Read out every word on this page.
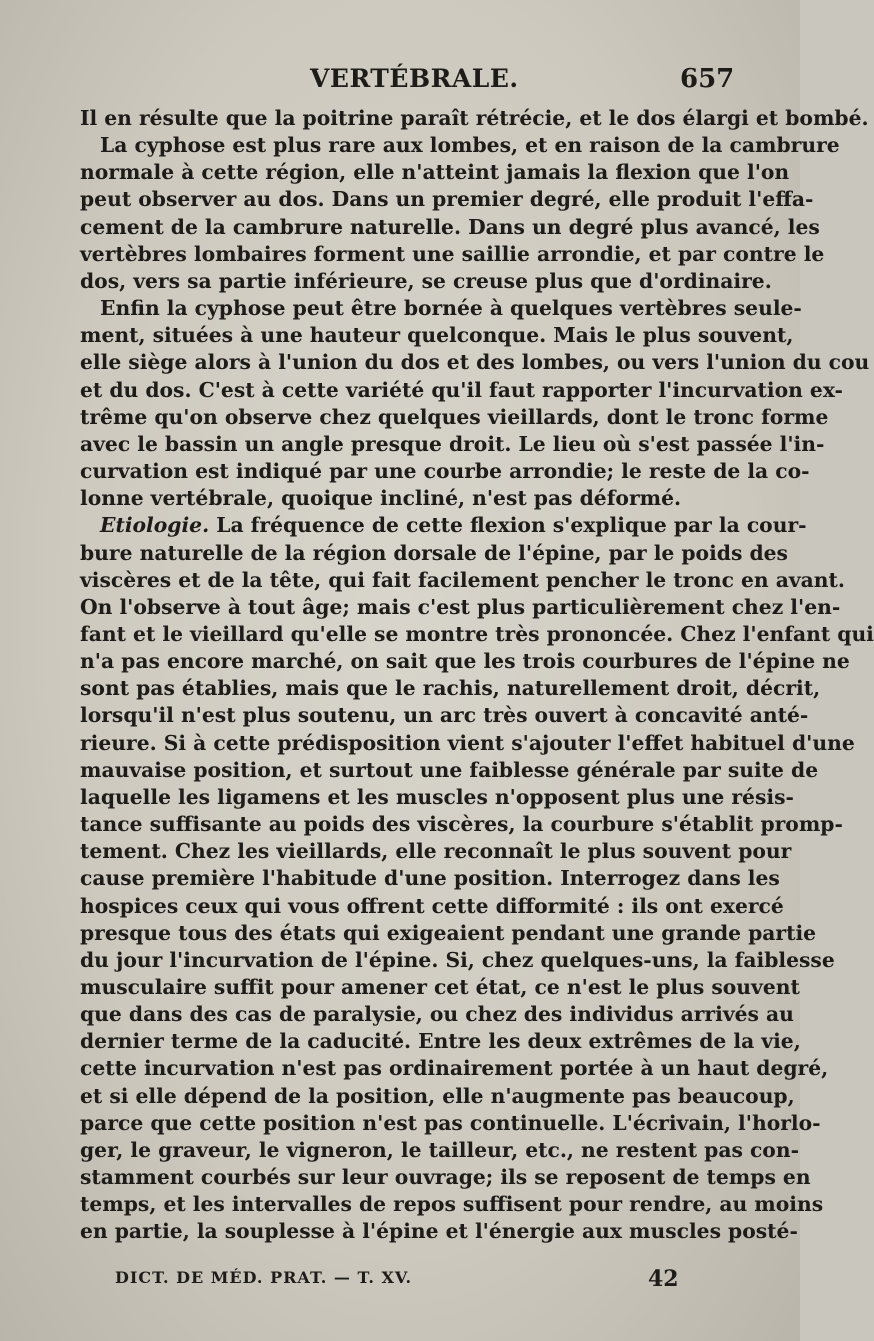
VERTÉBRALE.	657
Il en résulte que la poitrine paraît rétrécie, et le dos élargi et bombé.
La cyphose est plus rare aux lombes, et en raison de la cambrure
normale à cette région, elle n'atteint jamais la flexion que l'on
peut observer au dos. Dans un premier degré, elle produit l'effa-
cement de la cambrure naturelle. Dans un degré plus avancé, les
vertèbres lombaires forment une saillie arrondie, et par contre le
dos, vers sa partie inférieure, se creuse plus que d'ordinaire.
Enfin la cyphose peut être bornée à quelques vertèbres seule-
ment, situées à une hauteur quelconque. Mais le plus souvent,
elle siège alors à l'union du dos et des lombes, ou vers l'union du cou
et du dos. C'est à cette variété qu'il faut rapporter l'incurvation ex-
trême qu'on observe chez quelques vieillards, dont le tronc forme
avec le bassin un angle presque droit. Le lieu où s'est passée l'in-
curvation est indiqué par une courbe arrondie; le reste de la co-
lonne vertébrale, quoique incliné, n'est pas déformé.
Etiologie. La fréquence de cette flexion s'explique par la cour-
bure naturelle de la région dorsale de l'épine, par le poids des
viscères et de la tête, qui fait facilement pencher le tronc en avant.
On l'observe à tout âge; mais c'est plus particulièrement chez l'en-
fant et le vieillard qu'elle se montre très prononcée. Chez l'enfant qui
n'a pas encore marché, on sait que les trois courbures de l'épine ne
sont pas établies, mais que le rachis, naturellement droit, décrit,
lorsqu'il n'est plus soutenu, un arc très ouvert à concavité anté-
rieure. Si à cette prédisposition vient s'ajouter l'effet habituel d'une
mauvaise position, et surtout une faiblesse générale par suite de
laquelle les ligamens et les muscles n'opposent plus une résis-
tance suffisante au poids des viscères, la courbure s'établit promp-
tement. Chez les vieillards, elle reconnaît le plus souvent pour
cause première l'habitude d'une position. Interrogez dans les
hospices ceux qui vous offrent cette difformité : ils ont exercé
presque tous des états qui exigeaient pendant une grande partie
du jour l'incurvation de l'épine. Si, chez quelques-uns, la faiblesse
musculaire suffit pour amener cet état, ce n'est le plus souvent
que dans des cas de paralysie, ou chez des individus arrivés au
dernier terme de la caducité. Entre les deux extrêmes de la vie,
cette incurvation n'est pas ordinairement portée à un haut degré,
et si elle dépend de la position, elle n'augmente pas beaucoup,
parce que cette position n'est pas continuelle. L'écrivain, l'horlo-
ger, le graveur, le vigneron, le tailleur, etc., ne restent pas con-
stamment courbés sur leur ouvrage; ils se reposent de temps en
temps, et les intervalles de repos suffisent pour rendre, au moins
en partie, la souplesse à l'épine et l'énergie aux muscles posté-
DICT. DE MÉD. PRAT. — T. XV.	42
